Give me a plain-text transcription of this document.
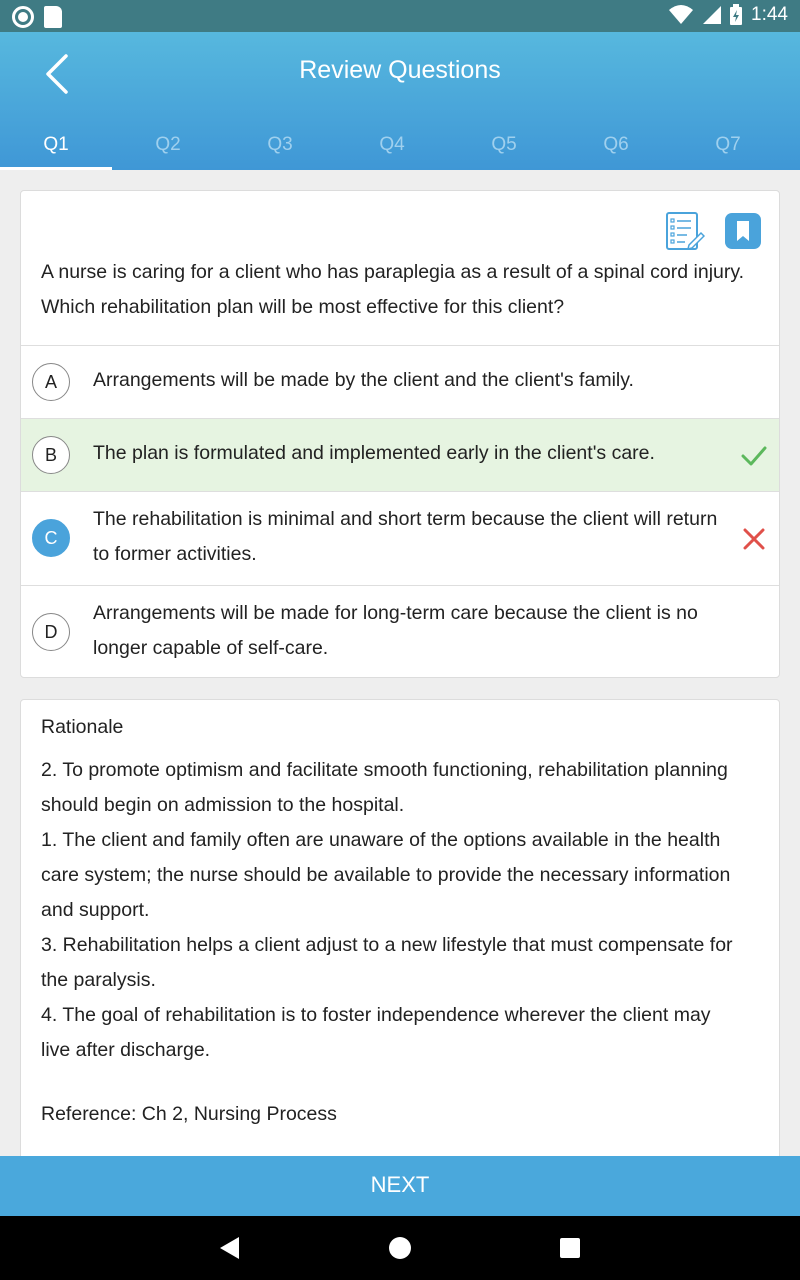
1:44
Review Questions
Q1	Q2	Q3	Q4	Q5	Q6	Q7
A nurse is caring for a client who has paraplegia as a result of a spinal cord injury. Which rehabilitation plan will be most effective for this client?
A	Arrangements will be made by the client and the client's family.
B	The plan is formulated and implemented early in the client's care.
C
The rehabilitation is minimal and short term because the client will return to former activities.
D
Arrangements will be made for long-term care because the client is no longer capable of self-care.
Rationale
2. To promote optimism and facilitate smooth functioning, rehabilitation planning should begin on admission to the hospital.
1. The client and family often are unaware of the options available in the health care system; the nurse should be available to provide the necessary information and support.
3. Rehabilitation helps a client adjust to a new lifestyle that must compensate for the paralysis.
4. The goal of rehabilitation is to foster independence wherever the client may live after discharge.
Reference: Ch 2, Nursing Process
NEXT
